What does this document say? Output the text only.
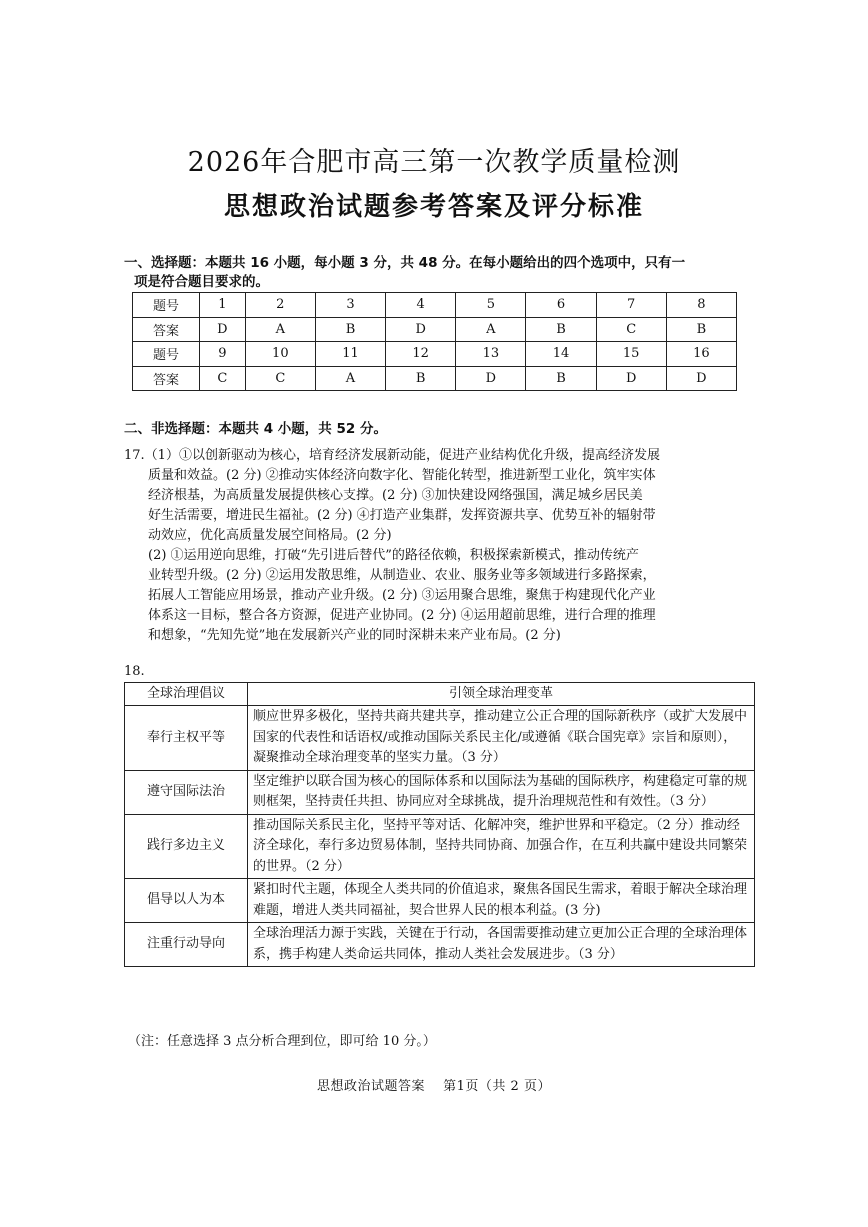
2026年合肥市高三第一次教学质量检测
思想政治试题参考答案及评分标准
一、选择题：本题共 16 小题，每小题 3 分，共 48 分。在每小题给出的四个选项中，只有一
项是符合题目要求的。
题号	1	2	3	4	5	6	7	8
答案	D	A	B	D	A	B	C	B
题号	9	10	11	12	13	14	15	16
答案	C	C	A	B	D	B	D	D
二、非选择题：本题共 4 小题，共 52 分。

17.（1）①以创新驱动为核心，培育经济发展新动能，促进产业结构优化升级，提高经济发展

质量和效益。(2 分) ②推动实体经济向数字化、智能化转型，推进新型工业化，筑牢实体

经济根基，为高质量发展提供核心支撑。(2 分) ③加快建设网络强国，满足城乡居民美

好生活需要，增进民生福祉。(2 分) ④打造产业集群，发挥资源共享、优势互补的辐射带

动效应，优化高质量发展空间格局。(2 分)

(2) ①运用逆向思维，打破“先引进后替代”的路径依赖，积极探索新模式，推动传统产

业转型升级。(2 分) ②运用发散思维，从制造业、农业、服务业等多领域进行多路探索，

拓展人工智能应用场景，推动产业升级。(2 分) ③运用聚合思维，聚焦于构建现代化产业

体系这一目标，整合各方资源，促进产业协同。(2 分) ④运用超前思维，进行合理的推理

和想象，“先知先觉”地在发展新兴产业的同时深耕未来产业布局。(2 分)

18.
全球治理倡议	引领全球治理变革
奉行主权平等	顺应世界多极化，坚持共商共建共享，推动建立公正合理的国际新秩序（或扩大发展中国家的代表性和话语权/或推动国际关系民主化/或遵循《联合国宪章》宗旨和原则），凝聚推动全球治理变革的坚实力量。（3 分）
遵守国际法治	坚定维护以联合国为核心的国际体系和以国际法为基础的国际秩序，构建稳定可靠的规则框架，坚持责任共担、协同应对全球挑战，提升治理规范性和有效性。（3 分）
践行多边主义	推动国际关系民主化，坚持平等对话、化解冲突，维护世界和平稳定。（2 分）推动经济全球化，奉行多边贸易体制，坚持共同协商、加强合作，在互利共赢中建设共同繁荣的世界。（2 分）
倡导以人为本	紧扣时代主题，体现全人类共同的价值追求，聚焦各国民生需求，着眼于解决全球治理难题，增进人类共同福祉，契合世界人民的根本利益。(3 分)
注重行动导向	全球治理活力源于实践，关键在于行动，各国需要推动建立更加公正合理的全球治理体系，携手构建人类命运共同体，推动人类社会发展进步。（3 分）
（注：任意选择 3 点分析合理到位，即可给 10 分。）
思想政治试题答案　 第1页（共 2 页）
